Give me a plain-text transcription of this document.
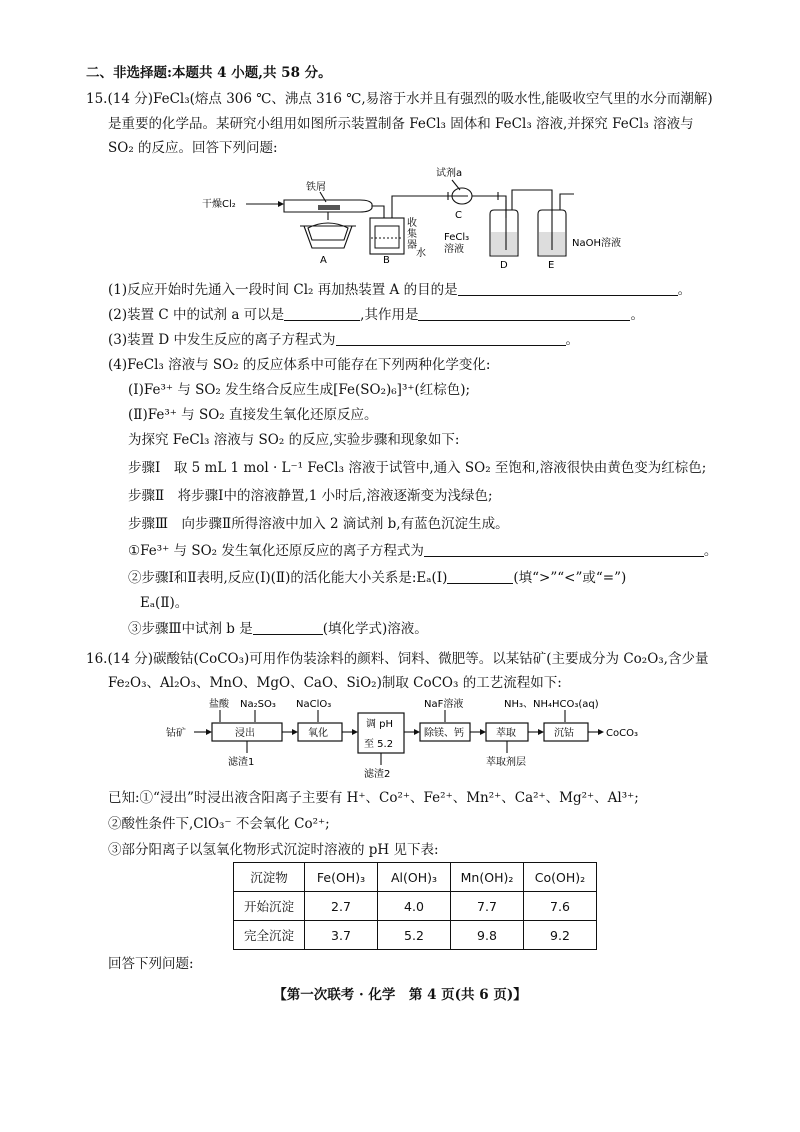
二、非选择题:本题共 4 小题,共 58 分。
15.(14 分)FeCl₃(熔点 306 ℃、沸点 316 ℃,易溶于水并且有强烈的吸水性,能吸收空气里的水分而潮解)
是重要的化学品。某研究小组用如图所示装置制备 FeCl₃ 固体和 FeCl₃ 溶液,并探究 FeCl₃ 溶液与
SO₂ 的反应。回答下列问题:
干燥Cl₂
铁屑
A
收
集
器
水
B
试剂a
C
FeCl₃
溶液
D
NaOH溶液
E
(1)反应开始时先通入一段时间 Cl₂ 再加热装置 A 的目的是	。
(2)装置 C 中的试剂 a 可以是	,其作用是	。
(3)装置 D 中发生反应的离子方程式为	。
(4)FeCl₃ 溶液与 SO₂ 的反应体系中可能存在下列两种化学变化:
(Ⅰ)Fe³⁺ 与 SO₂ 发生络合反应生成[Fe(SO₂)₆]³⁺(红棕色);
(Ⅱ)Fe³⁺ 与 SO₂ 直接发生氧化还原反应。
为探究 FeCl₃ 溶液与 SO₂ 的反应,实验步骤和现象如下:
步骤Ⅰ　取 5 mL 1 mol · L⁻¹ FeCl₃ 溶液于试管中,通入 SO₂ 至饱和,溶液很快由黄色变为红棕色;
步骤Ⅱ　将步骤Ⅰ中的溶液静置,1 小时后,溶液逐渐变为浅绿色;
步骤Ⅲ　向步骤Ⅱ所得溶液中加入 2 滴试剂 b,有蓝色沉淀生成。
①Fe³⁺ 与 SO₂ 发生氧化还原反应的离子方程式为	。
②步骤Ⅰ和Ⅱ表明,反应(Ⅰ)(Ⅱ)的活化能大小关系是:Eₐ(Ⅰ)	(填“>”“<”或“=”)
Eₐ(Ⅱ)。
③步骤Ⅲ中试剂 b 是	(填化学式)溶液。
16.(14 分)碳酸钴(CoCO₃)可用作伪装涂料的颜料、饲料、微肥等。以某钴矿(主要成分为 Co₂O₃,含少量
Fe₂O₃、Al₂O₃、MnO、MgO、CaO、SiO₂)制取 CoCO₃ 的工艺流程如下:
钴矿
盐酸 Na₂SO₃
浸出
滤渣1
NaClO₃
氧化
调 pH
至 5.2
滤渣2
NaF溶液
除镁、钙	萃取
萃取剂层
NH₃、NH₄HCO₃(aq)
沉钴	CoCO₃
已知:①“浸出”时浸出液含阳离子主要有 H⁺、Co²⁺、Fe²⁺、Mn²⁺、Ca²⁺、Mg²⁺、Al³⁺;
②酸性条件下,ClO₃⁻ 不会氧化 Co²⁺;
③部分阳离子以氢氧化物形式沉淀时溶液的 pH 见下表:
沉淀物	Fe(OH)₃	Al(OH)₃	Mn(OH)₂	Co(OH)₂
开始沉淀	2.7	4.0	7.7	7.6
完全沉淀	3.7	5.2	9.8	9.2
回答下列问题:
【第一次联考 · 化学　第 4 页(共 6 页)】
